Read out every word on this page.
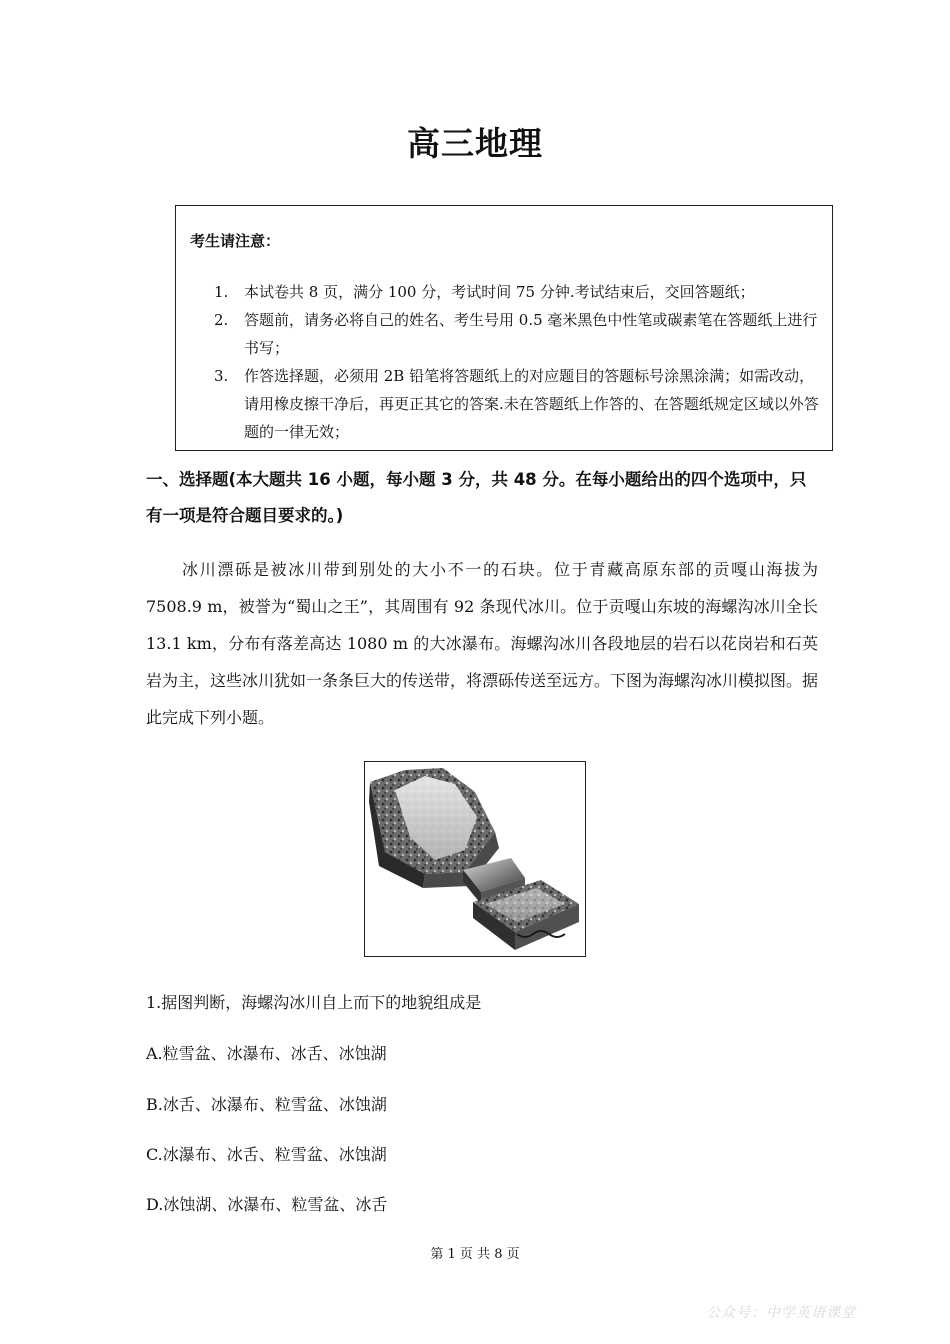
高三地理
考生请注意：
1.	本试卷共 8 页，满分 100 分，考试时间 75 分钟.考试结束后，交回答题纸；
2.	答题前，请务必将自己的姓名、考生号用 0.5 毫米黑色中性笔或碳素笔在答题纸上进行书写；
3.	作答选择题，必须用 2B 铅笔将答题纸上的对应题目的答题标号涂黑涂满；如需改动，请用橡皮擦干净后，再更正其它的答案.未在答题纸上作答的、在答题纸规定区域以外答题的一律无效；
一、选择题(本大题共 16 小题，每小题 3 分，共 48 分。在每小题给出的四个选项中，只有一项是符合题目要求的。)
冰川漂砾是被冰川带到别处的大小不一的石块。位于青藏高原东部的贡嘎山海拔为 7508.9 m，被誉为“蜀山之王”，其周围有 92 条现代冰川。位于贡嘎山东坡的海螺沟冰川全长 13.1 km，分布有落差高达 1080 m 的大冰瀑布。海螺沟冰川各段地层的岩石以花岗岩和石英岩为主，这些冰川犹如一条条巨大的传送带，将漂砾传送至远方。下图为海螺沟冰川模拟图。据此完成下列小题。
1.据图判断，海螺沟冰川自上而下的地貌组成是
A.粒雪盆、冰瀑布、冰舌、冰蚀湖
B.冰舌、冰瀑布、粒雪盆、冰蚀湖
C.冰瀑布、冰舌、粒雪盆、冰蚀湖
D.冰蚀湖、冰瀑布、粒雪盆、冰舌
第 1 页 共 8 页
公众号：中学英语课堂
